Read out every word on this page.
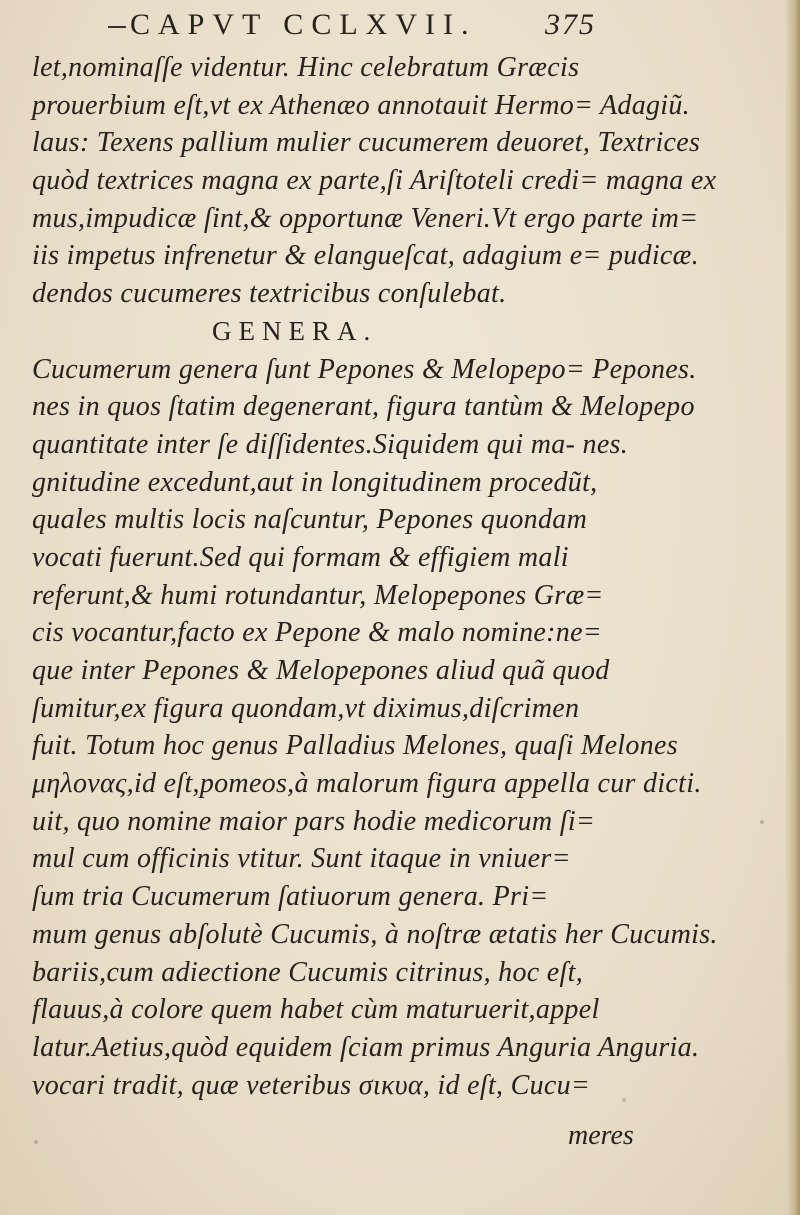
CAPVT CCLXVII. 375
let,nominaſſe videntur. Hinc celebratum Græcis
prouerbium eſt,vt ex Athenæo annotauit Hermo= Adagiũ.
laus: Texens pallium mulier cucumerem deuoret, Textrices
quòd textrices magna ex parte,ſi Ariſtoteli credi= magna ex
mus,impudicæ ſint,& opportunæ Veneri.Vt ergo parte im=
iis impetus infrenetur & elangueſcat, adagium e= pudicæ.
dendos cucumeres textricibus conſulebat.
GENERA.
Cucumerum genera ſunt Pepones & Melopepo= Pepones.
nes in quos ſtatim degenerant, figura tantùm & Melopepo
quantitate inter ſe diſſidentes.Siquidem qui ma- nes.
gnitudine excedunt,aut in longitudinem procedũt,
quales multis locis naſcuntur, Pepones quondam
vocati fuerunt.Sed qui formam & effigiem mali
referunt,& humi rotundantur, Melopepones Græ=
cis vocantur,facto ex Pepone & malo nomine:ne=
que inter Pepones & Melopepones aliud quã quod
ſumitur,ex figura quondam,vt diximus,diſcrimen
fuit. Totum hoc genus Palladius Melones, quaſi Melones
μηλονας,id eſt,pomeos,à malorum figura appella cur dicti.
uit, quo nomine maior pars hodie medicorum ſi=
mul cum officinis vtitur. Sunt itaque in vniuer=
ſum tria Cucumerum ſatiuorum genera. Pri=
mum genus abſolutè Cucumis, à noſtræ ætatis her Cucumis.
bariis,cum adiectione Cucumis citrinus, hoc eſt,
flauus,à colore quem habet cùm maturuerit,appel
latur.Aetius,quòd equidem ſciam primus Anguria Anguria.
vocari tradit, quæ veteribus σικυα, id eſt, Cucu=
meres
